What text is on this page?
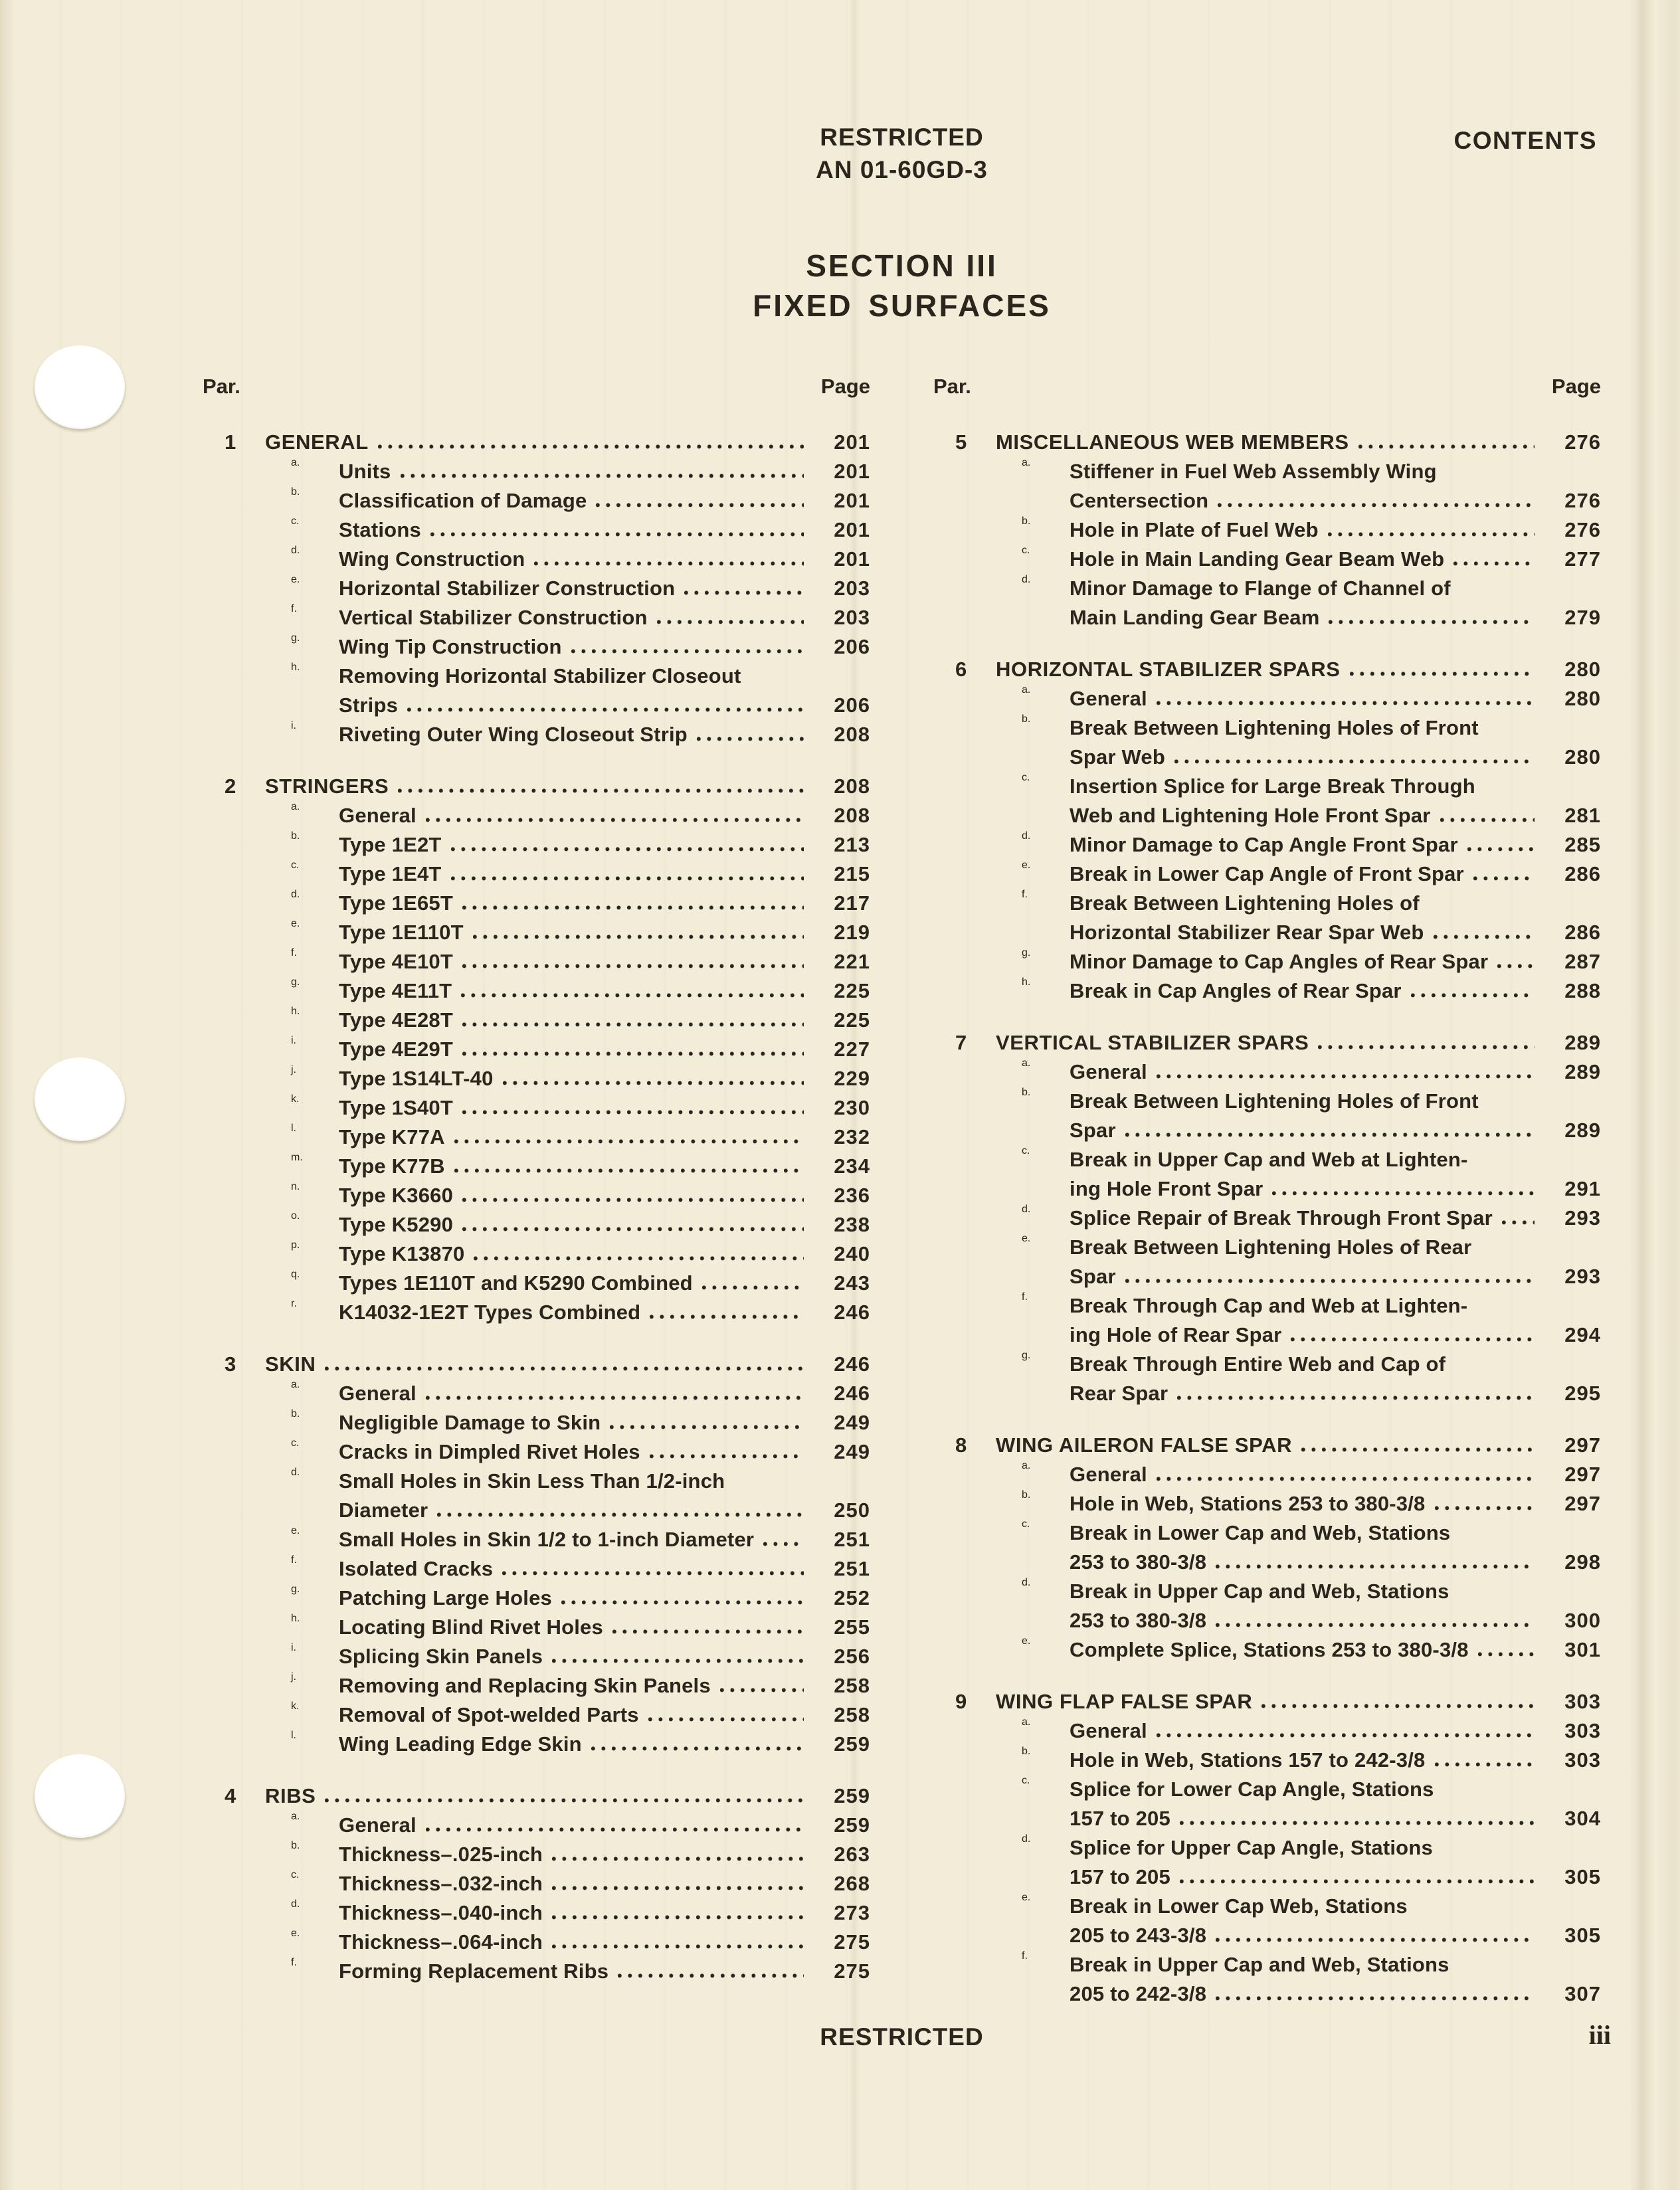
RESTRICTED
AN 01-60GD-3
CONTENTS
SECTION III
FIXED SURFACES
Par.	Page
1	GENERAL	201
a.	Units	201
b.	Classification of Damage	201
c.	Stations	201
d.	Wing Construction	201
e.	Horizontal Stabilizer Construction	203
f.	Vertical Stabilizer Construction	203
g.	Wing Tip Construction	206
h.	Removing Horizontal Stabilizer Closeout
Strips	206
i.	Riveting Outer Wing Closeout Strip	208
2	STRINGERS	208
a.	General	208
b.	Type 1E2T	213
c.	Type 1E4T	215
d.	Type 1E65T	217
e.	Type 1E110T	219
f.	Type 4E10T	221
g.	Type 4E11T	225
h.	Type 4E28T	225
i.	Type 4E29T	227
j.	Type 1S14LT-40	229
k.	Type 1S40T	230
l.	Type K77A	232
m.	Type K77B	234
n.	Type K3660	236
o.	Type K5290	238
p.	Type K13870	240
q.	Types 1E110T and K5290 Combined	243
r.	K14032-1E2T Types Combined	246
3	SKIN	246
a.	General	246
b.	Negligible Damage to Skin	249
c.	Cracks in Dimpled Rivet Holes	249
d.	Small Holes in Skin Less Than 1/2-inch
Diameter	250
e.	Small Holes in Skin 1/2 to 1-inch Diameter	251
f.	Isolated Cracks	251
g.	Patching Large Holes	252
h.	Locating Blind Rivet Holes	255
i.	Splicing Skin Panels	256
j.	Removing and Replacing Skin Panels	258
k.	Removal of Spot-welded Parts	258
l.	Wing Leading Edge Skin	259
4	RIBS	259
a.	General	259
b.	Thickness–.025-inch	263
c.	Thickness–.032-inch	268
d.	Thickness–.040-inch	273
e.	Thickness–.064-inch	275
f.	Forming Replacement Ribs	275
Par.	Page
5	MISCELLANEOUS WEB MEMBERS	276
a.	Stiffener in Fuel Web Assembly Wing
Centersection	276
b.	Hole in Plate of Fuel Web	276
c.	Hole in Main Landing Gear Beam Web	277
d.	Minor Damage to Flange of Channel of
Main Landing Gear Beam	279
6	HORIZONTAL STABILIZER SPARS	280
a.	General	280
b.	Break Between Lightening Holes of Front
Spar Web	280
c.	Insertion Splice for Large Break Through
Web and Lightening Hole Front Spar	281
d.	Minor Damage to Cap Angle Front Spar	285
e.	Break in Lower Cap Angle of Front Spar	286
f.	Break Between Lightening Holes of
Horizontal Stabilizer Rear Spar Web	286
g.	Minor Damage to Cap Angles of Rear Spar	287
h.	Break in Cap Angles of Rear Spar	288
7	VERTICAL STABILIZER SPARS	289
a.	General	289
b.	Break Between Lightening Holes of Front
Spar	289
c.	Break in Upper Cap and Web at Lighten-
ing Hole Front Spar	291
d.	Splice Repair of Break Through Front Spar	293
e.	Break Between Lightening Holes of Rear
Spar	293
f.	Break Through Cap and Web at Lighten-
ing Hole of Rear Spar	294
g.	Break Through Entire Web and Cap of
Rear Spar	295
8	WING AILERON FALSE SPAR	297
a.	General	297
b.	Hole in Web, Stations 253 to 380-3/8	297
c.	Break in Lower Cap and Web, Stations
253 to 380-3/8	298
d.	Break in Upper Cap and Web, Stations
253 to 380-3/8	300
e.	Complete Splice, Stations 253 to 380-3/8	301
9	WING FLAP FALSE SPAR	303
a.	General	303
b.	Hole in Web, Stations 157 to 242-3/8	303
c.	Splice for Lower Cap Angle, Stations
157 to 205	304
d.	Splice for Upper Cap Angle, Stations
157 to 205	305
e.	Break in Lower Cap Web, Stations
205 to 243-3/8	305
f.	Break in Upper Cap and Web, Stations
205 to 242-3/8	307
RESTRICTED	iii
